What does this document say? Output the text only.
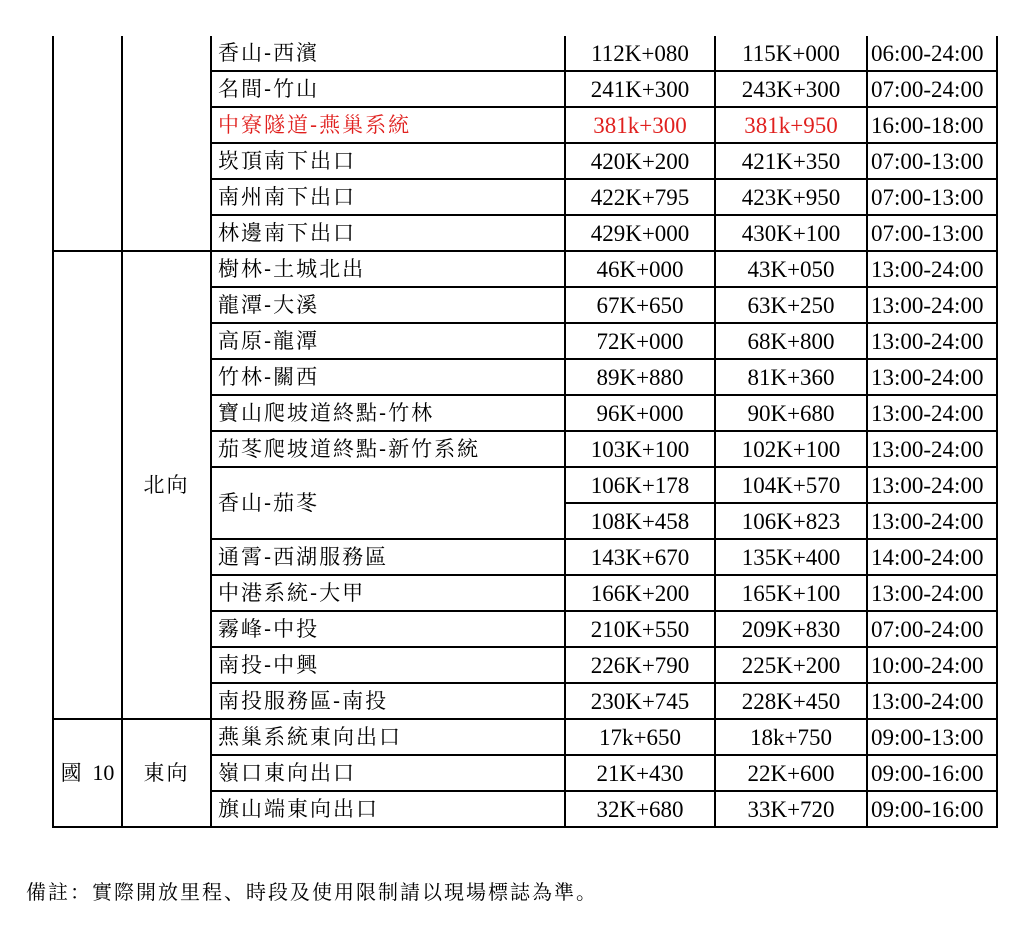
		香山-西濱	112K+080	115K+000	06:00-24:00
		名間-竹山	241K+300	243K+300	07:00-24:00
		中寮隧道-燕巢系統	381k+300	381k+950	16:00-18:00
		崁頂南下出口	420K+200	421K+350	07:00-13:00
		南州南下出口	422K+795	423K+950	07:00-13:00
		林邊南下出口	429K+000	430K+100	07:00-13:00
	北向	樹林-土城北出	46K+000	43K+050	13:00-24:00
		龍潭-大溪	67K+650	63K+250	13:00-24:00
		高原-龍潭	72K+000	68K+800	13:00-24:00
		竹林-關西	89K+880	81K+360	13:00-24:00
		寶山爬坡道終點-竹林	96K+000	90K+680	13:00-24:00
		茄苳爬坡道終點-新竹系統	103K+100	102K+100	13:00-24:00
		香山-茄苳	106K+178	104K+570	13:00-24:00
			108K+458	106K+823	13:00-24:00
		通霄-西湖服務區	143K+670	135K+400	14:00-24:00
		中港系統-大甲	166K+200	165K+100	13:00-24:00
		霧峰-中投	210K+550	209K+830	07:00-24:00
		南投-中興	226K+790	225K+200	10:00-24:00
		南投服務區-南投	230K+745	228K+450	13:00-24:00
國 10	東向	燕巢系統東向出口	17k+650	18k+750	09:00-13:00
		嶺口東向出口	21K+430	22K+600	09:00-16:00
		旗山端東向出口	32K+680	33K+720	09:00-16:00
備註：實際開放里程、時段及使用限制請以現場標誌為準。
